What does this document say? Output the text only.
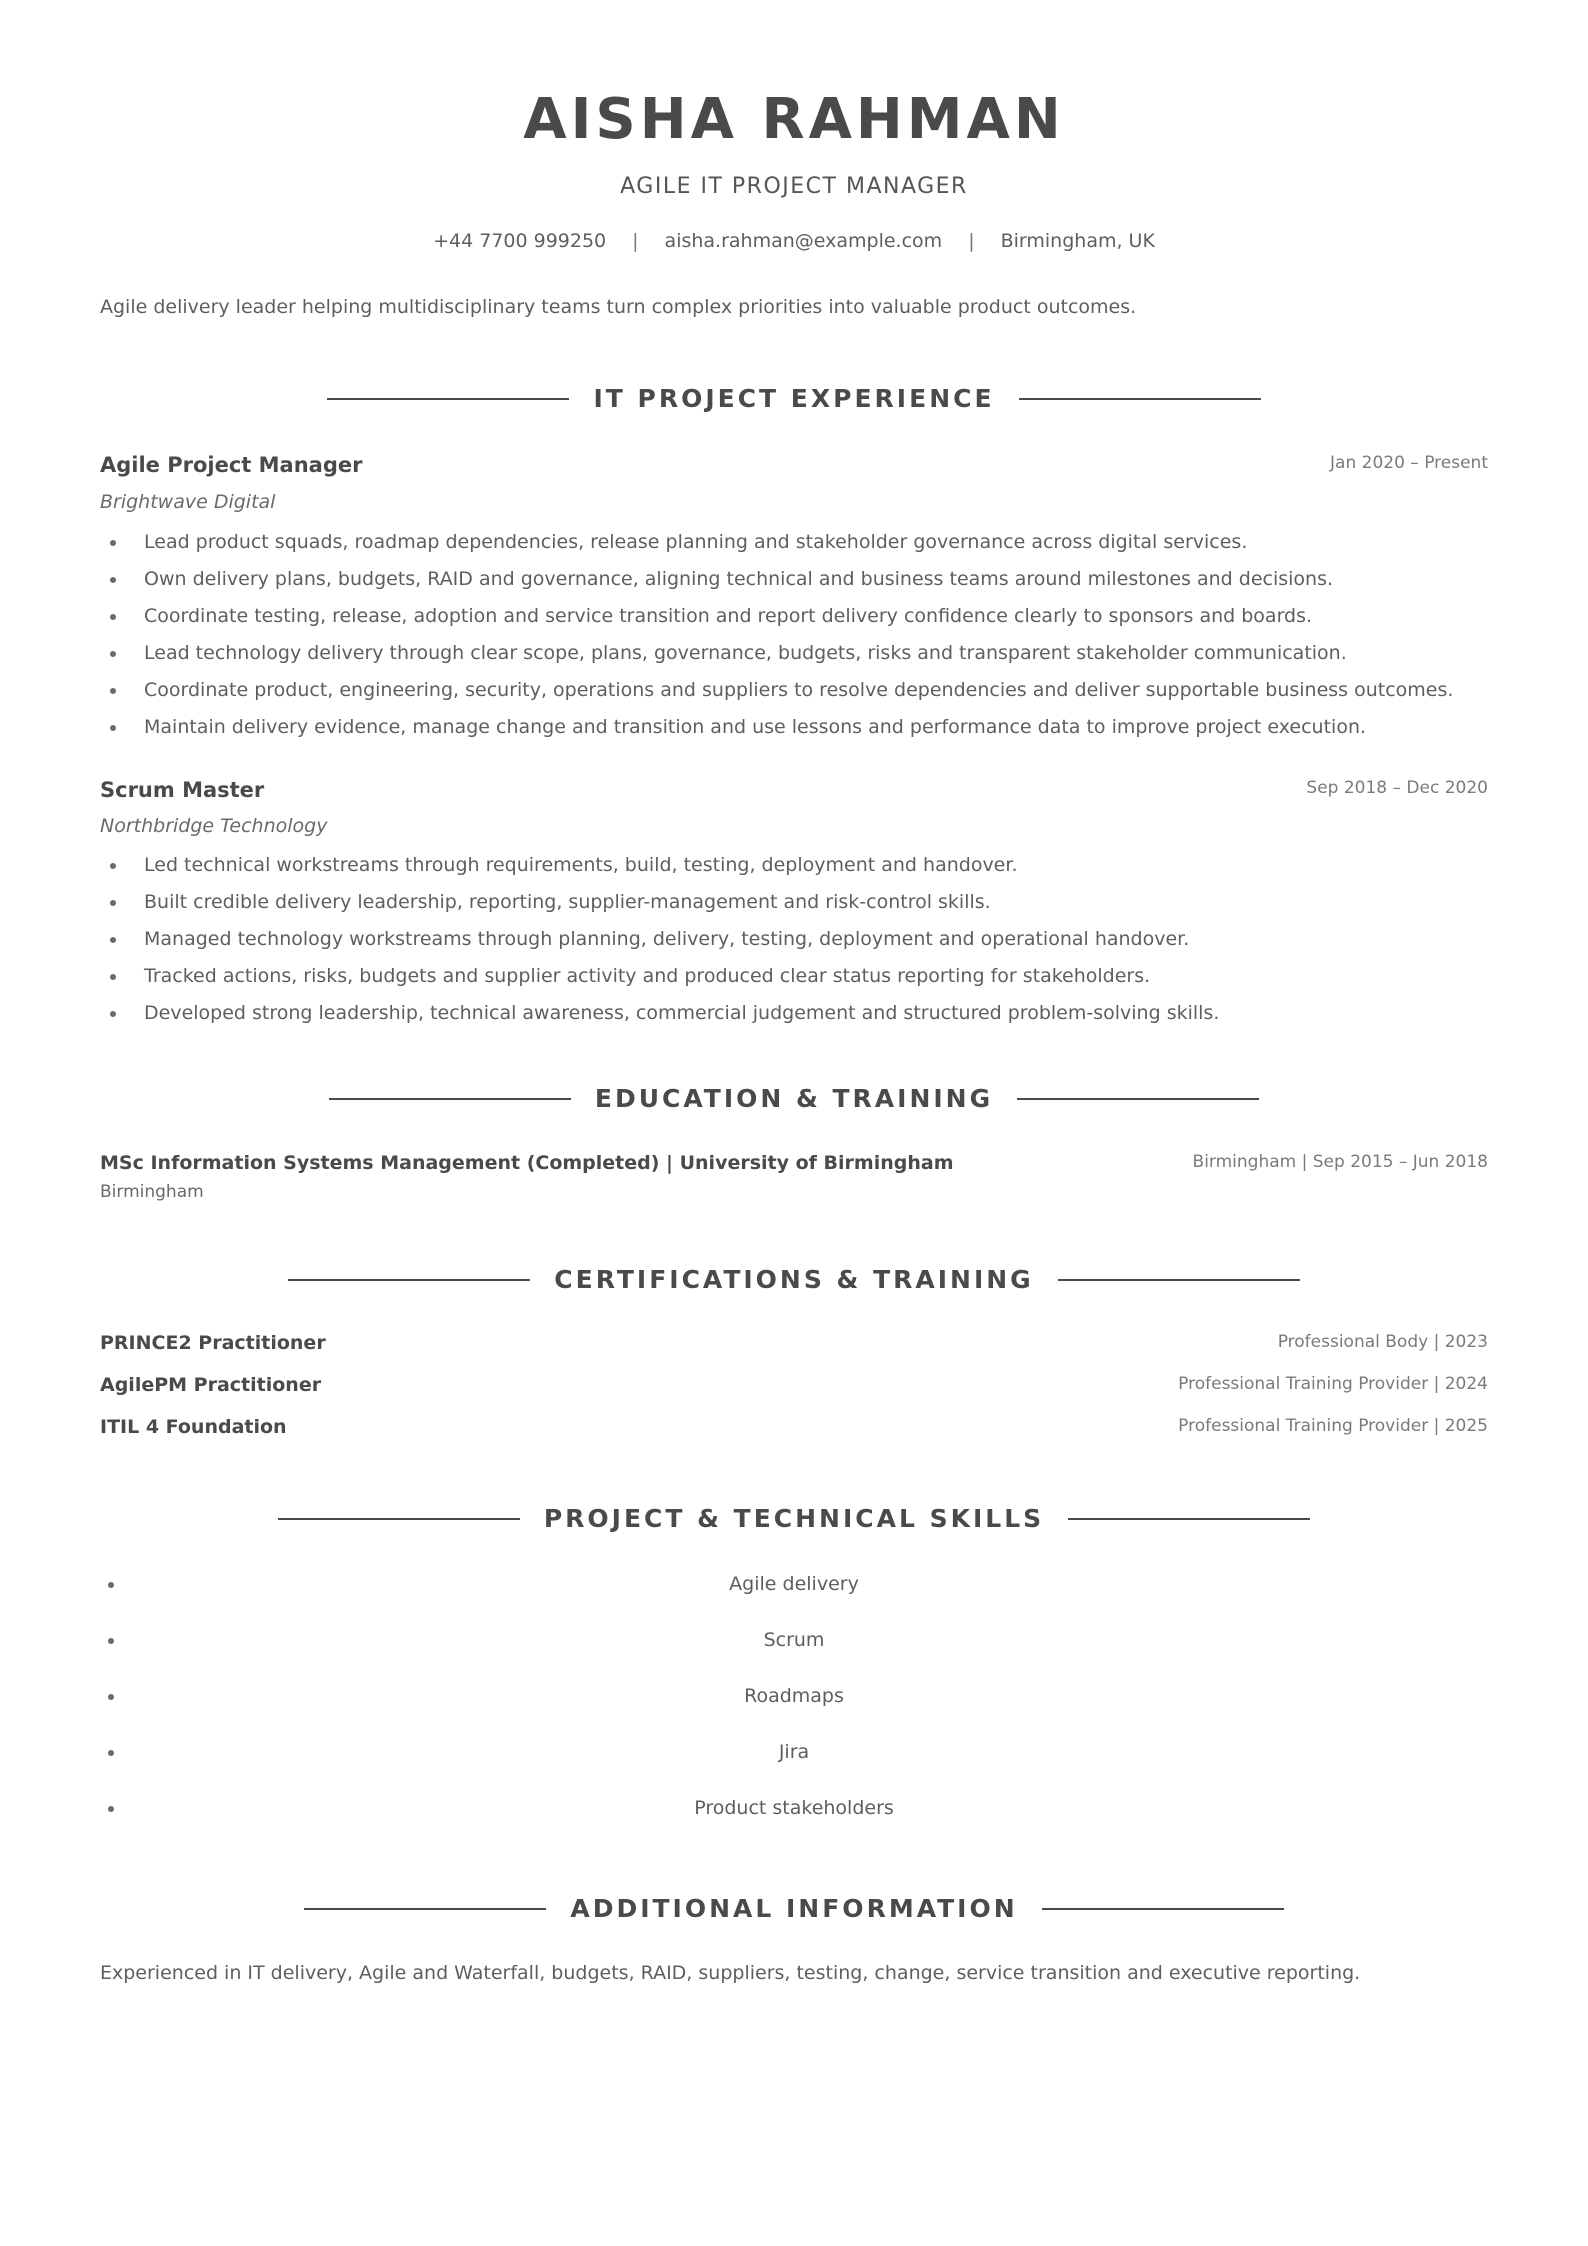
AISHA RAHMAN
AGILE IT PROJECT MANAGER
+44 7700 999250 | aisha.rahman@example.com | Birmingham, UK
Agile delivery leader helping multidisciplinary teams turn complex priorities into valuable product outcomes.
IT PROJECT EXPERIENCE
Agile Project Manager	Jan 2020 – Present
Brightwave Digital
Lead product squads, roadmap dependencies, release planning and stakeholder governance across digital services.
Own delivery plans, budgets, RAID and governance, aligning technical and business teams around milestones and decisions.
Coordinate testing, release, adoption and service transition and report delivery confidence clearly to sponsors and boards.
Lead technology delivery through clear scope, plans, governance, budgets, risks and transparent stakeholder communication.
Coordinate product, engineering, security, operations and suppliers to resolve dependencies and deliver supportable business outcomes.
Maintain delivery evidence, manage change and transition and use lessons and performance data to improve project execution.
Scrum Master	Sep 2018 – Dec 2020
Northbridge Technology
Led technical workstreams through requirements, build, testing, deployment and handover.
Built credible delivery leadership, reporting, supplier-management and risk-control skills.
Managed technology workstreams through planning, delivery, testing, deployment and operational handover.
Tracked actions, risks, budgets and supplier activity and produced clear status reporting for stakeholders.
Developed strong leadership, technical awareness, commercial judgement and structured problem-solving skills.
EDUCATION & TRAINING
MSc Information Systems Management (Completed) | University of Birmingham	Birmingham | Sep 2015 – Jun 2018
Birmingham
CERTIFICATIONS & TRAINING
PRINCE2 Practitioner	Professional Body | 2023
AgilePM Practitioner	Professional Training Provider | 2024
ITIL 4 Foundation	Professional Training Provider | 2025
PROJECT & TECHNICAL SKILLS
Agile delivery
Scrum
Roadmaps
Jira
Product stakeholders
ADDITIONAL INFORMATION
Experienced in IT delivery, Agile and Waterfall, budgets, RAID, suppliers, testing, change, service transition and executive reporting.
